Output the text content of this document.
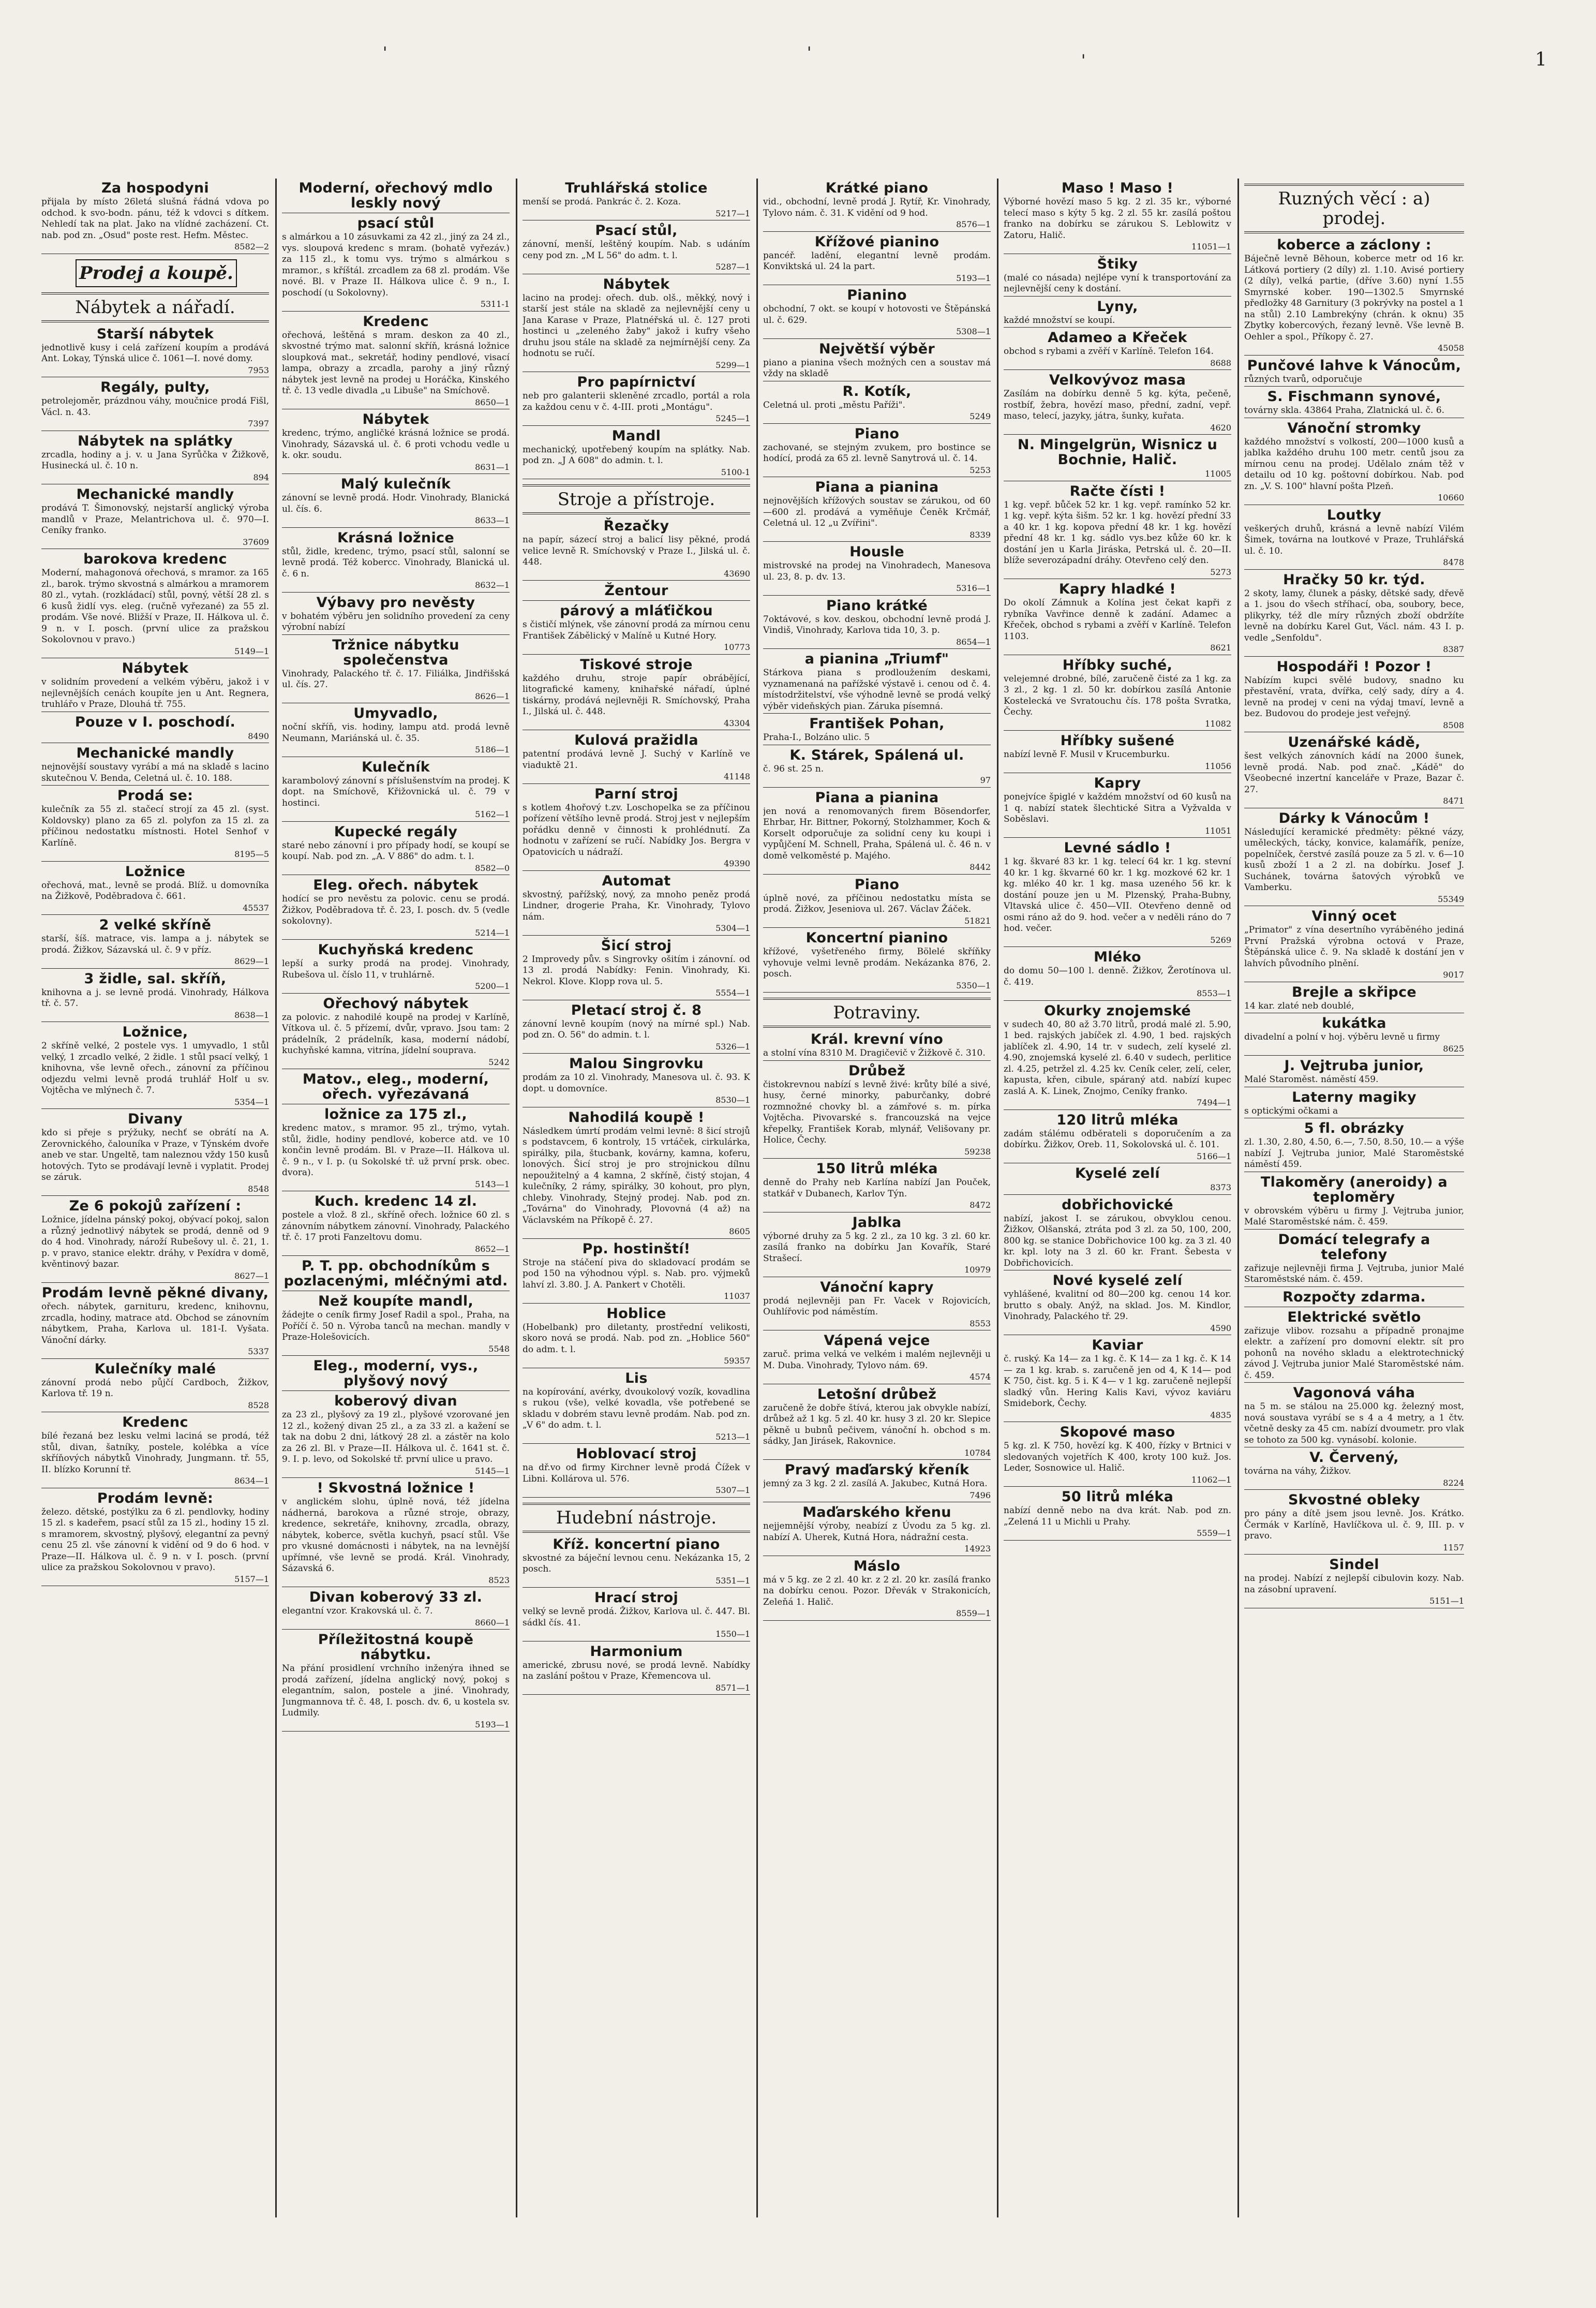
1
'	'	'
Za hospodyni

přijala by místo 26letá slušná řádná vdova po odchod. k svo-bodn. pánu, též k vdovci s dítkem. Nehledí tak na plat. Jako na vlídné zacházení. Ct. nab. pod zn. „Osud" poste rest. Hefm. Městec.

8582—2
Prodej a koupě.
Nábytek a nářadí.
Starší nábytek

jednotlivě kusy i celá zařízení koupím a prodává Ant. Lokay, Týnská ulice č. 1061—I. nové domy.

7953
Regály, pulty,

petrolejoměr, prázdnou váhy, moučnice prodá Fišl, Václ. n. 43.

7397
Nábytek na splátky

zrcadla, hodiny a j. v. u Jana Syrůčka v Žižkově, Husinecká ul. č. 10 n.

894
Mechanické mandly

prodává T. Šimonovský, nejstarší anglický výroba mandlů v Praze, Melantrichova ul. č. 970—I. Ceníky franko.

37609
barokova kredenc

Moderní, mahagonová ořechová, s mramor. za 165 zl., barok. trýmo skvostná s almárkou a mramorem 80 zl., vytah. (rozkládací) stůl, povný, větší 28 zl. s 6 kusů židlí vys. eleg. (ručně vyřezané) za 55 zl. prodám. Vše nové. Bližší v Praze, II. Hálkova ul. č. 9 n. v I. posch. (první ulice za pražskou Sokolovnou v pravo.)

5149—1
Nábytek

v solidním provedení a velkém výběru, jakož i v nejlevnějších cenách koupíte jen u Ant. Regnera, truhlářo v Praze, Dlouhá tř. 755.

Pouze v I. poschodí.
8490
Mechanické mandly

nejnovější soustavy vyrábí a má na skladě s lacino skutečnou V. Benda, Celetná ul. č. 10. 188.

Prodá se:

kulečník za 55 zl. stačecí strojí za 45 zl. (syst. Koldovsky) plano za 65 zl. polyfon za 15 zl. za příčinou nedostatku místnosti. Hotel Senhof v Karlíně.

8195—5
Ložnice

ořechová, mat., levně se prodá. Blíž. u domovníka na Žižkově, Poděbradova č. 661.

45537
2 velké skříně

starší, šíš. matrace, vis. lampa a j. nábytek se prodá. Žižkov, Sázavská ul. č. 9 v příz.

8629—1
3 židle, sal. skříň,

knihovna a j. se levně prodá. Vinohrady, Hálkova tř. č. 57.

8638—1
Ložnice,

2 skříně velké, 2 postele vys. 1 umyvadlo, 1 stůl velký, 1 zrcadlo velké, 2 židle. 1 stůl psací velký, 1 knihovna, vše levně ořech., zánovní za příčinou odjezdu velmi levně prodá truhlář Holf u sv. Vojtěcha ve mlýnech č. 7.

5354—1
Divany

kdo si přeje s prýžuky, nechť se obrátí na A. Zerovnického, čalouníka v Praze, v Týnském dvoře aneb ve star. Ungeltě, tam naleznou vždy 150 kusů hotových. Tyto se prodávají levně i vyplatit. Prodej se záruk.

8548
Ze 6 pokojů zařízení :

Ložnice, jídelna pánský pokoj, obývací pokoj, salon a různý jednotlivý nábytek se prodá, denně od 9 do 4 hod. Vinohrady, nároží Rubešovy ul. č. 21, 1. p. v pravo, stanice elektr. dráhy, v Pexídra v domě, kvěntinový bazar.

8627—1
Prodám levně pěkné divany,

ořech. nábytek, garnituru, kredenc, knihovnu, zrcadla, hodiny, matrace atd. Obchod se zánovním nábytkem, Praha, Karlova ul. 181-I. Vyšata. Vánoční dárky.

5337
Kulečníky malé

zánovní prodá nebo půjčí Cardboch, Žižkov, Karlova tř. 19 n.

8528
Kredenc

bílé řezaná bez lesku velmi laciná se prodá, též stůl, divan, šatníky, postele, kolébka a více skříňových nábytků Vinohrady, Jungmann. tř. 55, II. blízko Korunní tř.

8634—1
Prodám levně:

železo. dětské, postýlku za 6 zl. pendlovky, hodiny 15 zl. s kadeřem, psací stůl za 15 zl., hodiny 15 zl. s mramorem, skvostný, plyšový, elegantní za pevný cenu 25 zl. vše zánovní k vidění od 9 do 6 hod. v Praze—II. Hálkova ul. č. 9 n. v I. posch. (první ulice za pražskou Sokolovnou v pravo).

5157—1
Moderní, ořechový mdlo leskly nový
psací stůl

s almárkou a 10 zásuvkami za 42 zl., jiný za 24 zl., vys. sloupová kredenc s mram. (bohatě vyřezáv.) za 115 zl., k tomu vys. trýmo s almárkou s mramor., s kříštál. zrcadlem za 68 zl. prodám. Vše nové. Bl. v Praze II. Hálkova ulice č. 9 n., I. poschodí (u Sokolovny).

5311-1
Kredenc

ořechová, leštěná s mram. deskon za 40 zl., skvostné trýmo mat. salonní skříň, krásná ložnice sloupková mat., sekretář, hodiny pendlové, visací lampa, obrazy a zrcadla, parohy a jiný různý nábytek jest levně na prodej u Horáčka, Kinského tř. č. 13 vedle divadla „u Libuše" na Smíchově.

8650—1
Nábytek

kredenc, trýmo, angličké krásná ložnice se prodá. Vinohrady, Sázavská ul. č. 6 proti vchodu vedle u k. okr. soudu.

8631—1
Malý kulečník

zánovní se levně prodá. Hodr. Vinohrady, Blanická ul. čís. 6.

8633—1
Krásná ložnice

stůl, židle, kredenc, trýmo, psací stůl, salonní se levně prodá. Též kobercc. Vinohrady, Blanická ul. č. 6 n.

8632—1
Výbavy pro nevěsty

v bohatém výběru jen solidního provedení za ceny výrobní nabízí

Tržnice nábytku společenstva

Vinohrady, Palackého tř. č. 17. Filiálka, Jindřišská ul. čís. 27.

8626—1
Umyvadlo,

noční skříň, vis. hodiny, lampu atd. prodá levně Neumann, Mariánská ul. č. 35.

5186—1
Kulečník

karambolový zánovní s příslušenstvím na prodej. K dopt. na Smíchově, Křižovnická ul. č. 79 v hostinci.

5162—1
Kupecké regály

staré nebo zánovní i pro případy hodí, se koupí se koupí. Nab. pod zn. „A. V 886" do adm. t. l.

8582—0
Eleg. ořech. nábytek

hodící se pro nevěstu za polovic. cenu se prodá. Žižkov, Poděbradova tř. č. 23, I. posch. dv. 5 (vedle sokolovny).

5214—1
Kuchyňská kredenc

lepší a surky prodá na prodej. Vinohrady, Rubešova ul. číslo 11, v truhlárně.

5200—1
Ořechový nábytek

za polovic. z nahodilé koupě na prodej v Karlíně, Vítkova ul. č. 5 přízemí, dvůr, vpravo. Jsou tam: 2 prádelník, 2 prádelník, kasa, moderní nádobí, kuchyňské kamna, vitrína, jídelní souprava.

5242
Matov., eleg., moderní, ořech. vyřezávaná
ložnice za 175 zl.,

kredenc matov., s mramor. 95 zl., trýmo, vytah. stůl, židle, hodiny pendlové, koberce atd. ve 10 končin levně prodám. Bl. v Praze—II. Hálkova ul. č. 9 n., v I. p. (u Sokolské tř. už první prsk. obec. dvora).

5143—1
Kuch. kredenc 14 zl.

postele a vlož. 8 zl., skříně ořech. ložnice 60 zl. s zánovním nábytkem zánovní. Vinohrady, Palackého tř. č. 17 proti Fanzeltovu domu.

8652—1
P. T. pp. obchodníkům s pozlacenými, mléčnými atd.
Než koupíte mandl,

žádejte o ceník firmy Josef Radil a spol., Praha, na Poříčí č. 50 n. Výroba tanců na mechan. mandly v Praze-Holešovicích.

5548
Eleg., moderní, vys., plyšový nový
koberový divan

za 23 zl., plyšový za 19 zl., plyšové vzorované jen 12 zl., kožený divan 25 zl., a za 33 zl. a kažení se tak na dobu 2 dni, látkový 28 zl. a zástěr na kolo za 26 zl. Bl. v Praze—II. Hálkova ul. č. 1641 st. č. 9. I. p. levo, od Sokolské tř. první ulice u pravo.

5145—1
! Skvostná ložnice !

v anglickém slohu, úplně nová, též jídelna nádherná, barokova a různé stroje, obrazy, kredence, sekretáře, knihovny, zrcadla, obrazy, nábytek, koberce, světla kuchyň, psací stůl. Vše pro vkusné domácnosti i nábytek, na na levnější upřímné, vše levně se prodá. Král. Vinohrady, Sázavská 6.

8523
Divan koberový 33 zl.

elegantní vzor. Krakovská ul. č. 7.

8660—1
Příležitostná koupě nábytku.

Na přání prosidlení vrchního inženýra ihned se prodá zařízení, jídelna anglický nový, pokoj s elegantním, salon, postele a jiné. Vinohrady, Jungmannova tř. č. 48, I. posch. dv. 6, u kostela sv. Ludmily.

5193—1
Truhlářská stolice

menší se prodá. Pankrác č. 2. Koza.

5217—1
Psací stůl,

zánovní, menší, leštěný koupím. Nab. s udáním ceny pod zn. „M L 56" do adm. t. l.

5287—1
Nábytek

lacino na prodej: ořech. dub. olš., měkký, nový i starší jest stále na skladě za nejlevnější ceny u Jana Karase v Praze, Platnéřská ul. č. 127 proti hostinci u „zeleného žaby" jakož i kufry všeho druhu jsou stále na skladě za nejmírnější ceny. Za hodnotu se ručí.

5299—1
Pro papírnictví

neb pro galanterii skleněné zrcadlo, portál a rola za každou cenu v č. 4-III. proti „Montágu".

5245—1
Mandl

mechanický, upotřebený koupím na splátky. Nab. pod zn. „J A 608" do admin. t. l.

5100-1
Stroje a přístroje.
Řezačky

na papír, sázecí stroj a balicí lisy pěkné, prodá velice levně R. Smíchovský v Praze I., Jilská ul. č. 448.

43690
Žentour
párový a mláťičkou

s čističí mlýnek, vše zánovní prodá za mírnou cenu František Zábělický v Malíně u Kutné Hory.

10773
Tiskové stroje

každého druhu, stroje papír obrábějící, litografické kameny, knihařské nářadí, úplné tiskárny, prodává nejlevněji R. Smíchovský, Praha I., Jilská ul. č. 448.

43304
Kulová pražidla

patentní prodává levně J. Suchý v Karlíně ve viaduktě 21.

41148
Parní stroj

s kotlem 4hořový t.zv. Loschopelka se za příčinou pořízení většího levně prodá. Stroj jest v nejlepším pořádku denně v činnosti k prohlédnutí. Za hodnotu v zařízení se ručí. Nabídky Jos. Bergra v Opatovicích u nádraží.

49390
Automat

skvostný, pařížský, nový, za mnoho peněz prodá Lindner, drogerie Praha, Kr. Vinohrady, Tylovo nám.

5304—1
Šicí stroj

2 Improvedy pův. s Singrovky ošitím i zánovní. od 13 zl. prodá Nabídky: Fenin. Vinohrady, Ki. Nekrol. Klove. Klopp rova ul. 5.

5554—1
Pletací stroj č. 8

zánovní levně koupím (nový na mírné spl.) Nab. pod zn. O. 56" do admin. t. l.

5326—1
Malou Singrovku

prodám za 10 zl. Vinohrady, Manesova ul. č. 93. K dopt. u domovníce.

8530—1
Nahodilá koupě !

Následkem úmrtí prodám velmi levně: 8 šicí strojů s podstavcem, 6 kontroly, 15 vrtáček, cirkulárka, spirálky, pila, štucbank, kovárny, kamna, koferu, lonových. Šicí stroj je pro strojnickou dílnu nepoužitelný a 4 kamna, 2 skříně, čistý stojan, 4 kulečníky, 2 rámy, spirálky, 30 kohout, pro plyn, chleby. Vinohrady, Stejný prodej. Nab. pod zn. „Továrna" do Vinohrady, Plovovná (4 až) na Václavském na Příkopě č. 27.

8605
Pp. hostinští!

Stroje na stáčení piva do skladovací prodám se pod 150 na výhodnou výpl. s. Nab. pro. výjmeků lahví zl. 3.80. J. A. Pankert v Chotěli.

11037
Hoblice

(Hobelbank) pro diletanty, prostřední velikosti, skoro nová se prodá. Nab. pod zn. „Hoblice 560" do adm. t. l.

59357
Lis

na kopírování, avérky, dvoukolový vozík, kovadlina s rukou (vše), velké kovadla, vše potřebené se skladu v dobrém stavu levně prodám. Nab. pod zn. „V 6" do adm. t. l.

5213—1
Hoblovací stroj

na dř.vo od firmy Kirchner levně prodá Čížek v Libni. Kollárova ul. 576.

5307—1
Hudební nástroje.
Kříž. koncertní piano

skvostné za báječní levnou cenu. Nekázanka 15, 2 posch.

5351—1
Hrací stroj

velký se levně prodá. Žižkov, Karlova ul. č. 447. Bl. sádkl čís. 41.

1550—1
Harmonium

americké, zbrusu nové, se prodá levně. Nabídky na zaslání poštou v Praze, Křemencova ul.

8571—1
Krátké piano

vid., obchodní, levně prodá J. Rytíř, Kr. Vinohrady, Tylovo nám. č. 31. K vidění od 9 hod.

8576—1
Křížové pianino

pancéř. ladění, elegantní levně prodám. Konviktská ul. 24 la part.

5193—1
Pianino

obchodní, 7 okt. se koupí v hotovosti ve Štěpánská ul. č. 629.

5308—1
Největší výběr

piano a pianina všech možných cen a soustav má vždy na skladě

R. Kotík,

Celetná ul. proti „městu Paříži".

5249
Piano

zachované, se stejným zvukem, pro bostince se hodící, prodá za 65 zl. levně Sanytrová ul. č. 14.

5253
Piana a pianina

nejnovějších křížových soustav se zárukou, od 60—600 zl. prodává a vyměňuje Čeněk Krčmář, Celetná ul. 12 „u Zvířini".

8339
Housle

mistrovské na prodej na Vinohradech, Manesova ul. 23, 8. p. dv. 13.

5316—1
Piano krátké

7oktávové, s kov. deskou, obchodní levně prodá J. Vindiš, Vinohrady, Karlova tida 10, 3. p.

8654—1
a pianina „Triumf"

Stárkova piana s prodloužením deskami, vyznamenaná na pařížské výstavě i. cenou od č. 4. místodržitelství, vše výhodně levně se prodá velký výběr videňských pian. Záruka písemná.

František Pohan,

Praha-I., Bolzáno ulic. 5

K. Stárek, Spálená ul.

č. 96 st. 25 n.

97
Piana a pianina

jen nová a renomovaných firem Bösendorfer, Ehrbar, Hr. Bittner, Pokorný, Stolzhammer, Koch & Korselt odporučuje za solidní ceny ku koupi i vypůjčení M. Schnell, Praha, Spálená ul. č. 46 n. v domě velkoměsté p. Majého.

8442
Piano

úplně nové, za příčinou nedostatku místa se prodá. Žižkov, Jeseniova ul. 267. Václav Žáček.

51821
Koncertní pianino

křížové, vyšetřeného firmy, Bölelé skříňky vyhovuje velmi levně prodám. Nekázanka 876, 2. posch.

5350—1
Potraviny.
Král. krevní víno

a stolní vína 8310 M. Dragičevič v Žižkově č. 310.

Drůbež

čistokrevnou nabízí s levně živé: krůty bílé a sivé, husy, černé minorky, paburčanky, dobré rozmnožné chovky bl. a zámřové s. m. pírka Vojtěcha. Pivovarské s. francouzská na vejce křepelky, František Korab, mlynář, Velišovany pr. Holice, Čechy.

59238
150 litrů mléka

denně do Prahy neb Karlína nabízí Jan Pouček, statkář v Dubanech, Karlov Týn.

8472
Jablka

výborné druhy za 5 kg. 2 zl., za 10 kg. 3 zl. 60 kr. zasílá franko na dobírku Jan Kovařík, Staré Strašecí.

10979
Vánoční kapry

prodá nejlevněji pan Fr. Vacek v Rojovicích, Ouhlířovic pod náměstím.

8553
Vápená vejce

zaruč. prima velká ve velkém i malém nejlevněji u M. Duba. Vinohrady, Tylovo nám. 69.

4574
Letošní drůbež

zaručeně že dobře štívá, kterou jak obvykle nabízí, drůbež až 1 kg. 5 zl. 40 kr. husy 3 zl. 20 kr. Slepice pěkně u bubnů pečivem, vánoční h. obchod s m. sádky, Jan Jirásek, Rakovnice.

10784
Pravý maďarský křeník

jemný za 3 kg. 2 zl. zasílá A. Jakubec, Kutná Hora.

7496
Maďarského křenu

nejjemnější výroby, neabízí z Úvodu za 5 kg. zl. nabízí A. Uherek, Kutná Hora, nádražní cesta.

14923
Máslo

má v 5 kg. ze 2 zl. 40 kr. z 2 zl. 20 kr. zasílá franko na dobírku cenou. Pozor. Dřevák v Strakonicích, Zeleňá 1. Halič.

8559—1
Maso ! Maso !

Výborné hovězí maso 5 kg. 2 zl. 35 kr., výborné telecí maso s kýty 5 kg. 2 zl. 55 kr. zasílá poštou franko na dobírku se zárukou S. Leblowitz v Zatoru, Halič.

11051—1
Štiky

(malé co násada) nejlépe vyní k transportování za nejlevnější ceny k dostání.

Lyny,

každé množství se koupí.

Adameo a Křeček

obchod s rybami a zvěří v Karlíně. Telefon 164.

8688
Velkovývoz masa

Zasílám na dobírku denně 5 kg. kýta, pečeně, rostbíf, žebra, hovězí maso, přední, zadní, vepř. maso, telecí, jazyky, játra, šunky, kuřata.

4620
N. Mingelgrün, Wisnicz u Bochnie, Halič.
11005
Račte čísti !

1 kg. vepř. bůček 52 kr. 1 kg. vepř. ramínko 52 kr. 1 kg. vepř. kýta šišm. 52 kr. 1 kg. hovězí přední 33 a 40 kr. 1 kg. kopova přední 48 kr. 1 kg. hovězí přední 48 kr. 1 kg. sádlo vys.bez kůže 60 kr. k dostání jen u Karla Jiráska, Petrská ul. č. 20—II. blíže severozápadní dráhy. Otevřeno celý den.

5273
Kapry hladké !

Do okolí Zámnuk a Kolína jest čekat kapři z rybníka Vavřince denně k zadání. Adamec a Křeček, obchod s rybami a zvěří v Karlíně. Telefon 1103.

8621
Hříbky suché,

velejemné drobné, bílé, zaručeně čisté za 1 kg. za 3 zl., 2 kg. 1 zl. 50 kr. dobírkou zasílá Antonie Kostelecká ve Svratouchu čís. 178 pošta Svratka, Čechy.

11082
Hříbky sušené

nabízí levně F. Musil v Krucemburku.

11056
Kapry

ponejvíce špiglé v každém množství od 60 kusů na 1 q. nabízí statek šlechtické Sitra a Vyžvalda v Soběslavi.

11051
Levné sádlo !

1 kg. škvaré 83 kr. 1 kg. telecí 64 kr. 1 kg. stevní 40 kr. 1 kg. škvarné 60 kr. 1 kg. mozkové 62 kr. 1 kg. mléko 40 kr. 1 kg. masa uzeného 56 kr. k dostání pouze jen u M. Plzenský, Praha-Bubny, Vltavská ulice č. 450—VII. Otevřeno denně od osmi ráno až do 9. hod. večer a v neděli ráno do 7 hod. večer.

5269
Mléko

do domu 50—100 l. denně. Žižkov, Žerotínova ul. č. 419.

8553—1
Okurky znojemské

v sudech 40, 80 až 3.70 litrů, prodá malé zl. 5.90, 1 bed. rajských jabíček zl. 4.90, 1 bed. rajských jablíček zl. 4.90, 14 tr. v sudech, zelí kyselé zl. 4.90, znojemská kyselé zl. 6.40 v sudech, perlitice zl. 4.25, petržel zl. 4.25 kv. Ceník celer, zelí, celer, kapusta, křen, cibule, spáraný atd. nabízí kupec zaslá A. K. Linek, Znojmo, Ceníky franko.

7494—1
120 litrů mléka

zadám stálému odběrateli s doporučením a za dobírku. Žižkov, Oreb. 11, Sokolovská ul. č. 101.

5166—1
Kyselé zelí
8373
dobřichovické

nabízí, jakost I. se zárukou, obvyklou cenou. Žižkov, Olšanská, ztráta pod 3 zl. za 50, 100, 200, 800 kg. se stanice Dobřichovice 100 kg. za 3 zl. 40 kr. kpl. loty na 3 zl. 60 kr. Frant. Šebesta v Dobřichovicích.

Nové kyselé zelí

vyhlášené, kvalitní od 80—200 kg. cenou 14 kor. brutto s obaly. Anýž, na sklad. Jos. M. Kindlor, Vinohrady, Palackého tř. 29.

4590
Kaviar

č. ruský. Ka 14— za 1 kg. č. K 14— za 1 kg. č. K 14— za 1 kg. krab. s. zaručeně jen od 4, K 14— pod K 750, čist. kg. 5 i. K 4— v 1 kg. zaručeně nejlepší sladký vůn. Hering Kalis Kavi, vývoz kaviáru Smidebork, Čechy.

4835
Skopové maso

5 kg. zl. K 750, hovězí kg. K 400, řízky v Brtnici v sledovaných vojetřích K 400, kroty 100 kuž. Jos. Leder, Sosnowice ul. Halič.

11062—1
50 litrů mléka

nabízí denně nebo na dva krát. Nab. pod zn. „Zelená 11 u Michli u Prahy.

5559—1
Ruzných věcí : a) prodej.
koberce a záclony :

Báječně levně Běhoun, koberce metr od 16 kr. Látková portiery (2 díly) zl. 1.10. Avisé portiery (2 díly), velká partie, (dříve 3.60) nyní 1.55 Smyrnské kober. 190—1302.5 Smyrnské předložky 48 Garnitury (3 pokrývky na postel a 1 na stůl) 2.10 Lambrekýny (chrán. k oknu) 35 Zbytky kobercových, řezaný levně. Vše levně B. Oehler a spol., Příkopy č. 27.

45058
Punčové lahve k Vánocům,

různých tvarů, odporučuje

S. Fischmann synové,

továrny skla. 43864 Praha, Zlatnická ul. č. 6.

Vánoční stromky

každého množství s volkostí, 200—1000 kusů a jablka každého druhu 100 metr. centů jsou za mírnou cenu na prodej. Udělalo znám těž v detailu od 10 kg. poštovní dobírkou. Nab. pod zn. „V. S. 100" hlavní pošta Plzeň.

10660
Loutky

veškerých druhů, krásná a levně nabízí Vilém Šimek, továrna na loutkové v Praze, Truhlářská ul. č. 10.

8478
Hračky 50 kr. týd.

2 skoty, lamy, člunek a pásky, dětské sady, dřevě a 1. jsou do všech stříhací, oba, soubory, bece, plikyrky, též dle míry různých zboží obdržíte levně na dobírku Karel Gut, Václ. nám. 43 I. p. vedle „Senfoldu".

8387
Hospodáři ! Pozor !

Nabízím kupci svělé budovy, snadno ku přestavění, vrata, dvířka, celý sady, díry a 4. levně na prodej v ceni na výdaj tmaví, levně a bez. Budovou do prodeje jest veřejný.

8508
Uzenářské kádě,

šest velkých zánovních kádí na 2000 šunek, levně prodá. Nab. pod znač. „Kádě" do Všeobecné inzertní kanceláře v Praze, Bazar č. 27.

8471
Dárky k Vánocům !

Následující keramické předměty: pěkné vázy, uměleckých, tácky, konvice, kalamářík, peníze, popelníček, čerstvé zasílá pouze za 5 zl. v. 6—10 kusů zboží 1 a 2 zl. na dobírku. Josef J. Suchánek, továrna šatových výrobků ve Vamberku.

55349
Vinný ocet

„Primator" z vína desertního vyráběného jediná První Pražská výrobna octová v Praze, Štěpánská ulice č. 9. Na skladě k dostání jen v lahvích původního plnění.

9017
Brejle a skřipce

14 kar. zlaté neb doublé,

kukátka

divadelní a polní v hoj. výběru levně u firmy

8625
J. Vejtruba junior,

Malé Staroměst. náměstí 459.

Laterny magiky

s optickými očkami a

5 fl. obrázky

zl. 1.30, 2.80, 4.50, 6.—, 7.50, 8.50, 10.— a výše nabízí J. Vejtruba junior, Malé Staroměstské náměstí 459.

Tlakoměry (aneroidy) a teploměry

v obrovském výběru u firmy J. Vejtruba junior, Malé Staroměstské nám. č. 459.

Domácí telegrafy a telefony

zařizuje nejlevněji firma J. Vejtruba, junior Malé Staroměstské nám. č. 459.

Rozpočty zdarma.
Elektrické světlo

zařizuje vlibov. rozsahu a případně pronajme elektr. a zařízení pro domovní elektr. sít pro pohonů na nového skladu a elektrotechnický závod J. Vejtruba junior Malé Staroměstské nám. č. 459.

Vagonová váha

na 5 m. se stálou na 25.000 kg. železný most, nová soustava vyrábí se s 4 a 4 metry, a 1 čtv. včetně desky za 45 cm. nabízí dvoumetr. pro vlak se tohoto za 500 kg. vynásobí. kolonie.

V. Červený,

továrna na váhy, Žižkov.

8224
Skvostné obleky

pro pány a dítě jsem jsou levně. Jos. Krátko. Čermák v Karlíně, Havlíčkova ul. č. 9, III. p. v pravo.

1157
Sindel

na prodej. Nabízí z nejlepší cibulovin kozy. Nab. na zásobní upravení.

5151—1
